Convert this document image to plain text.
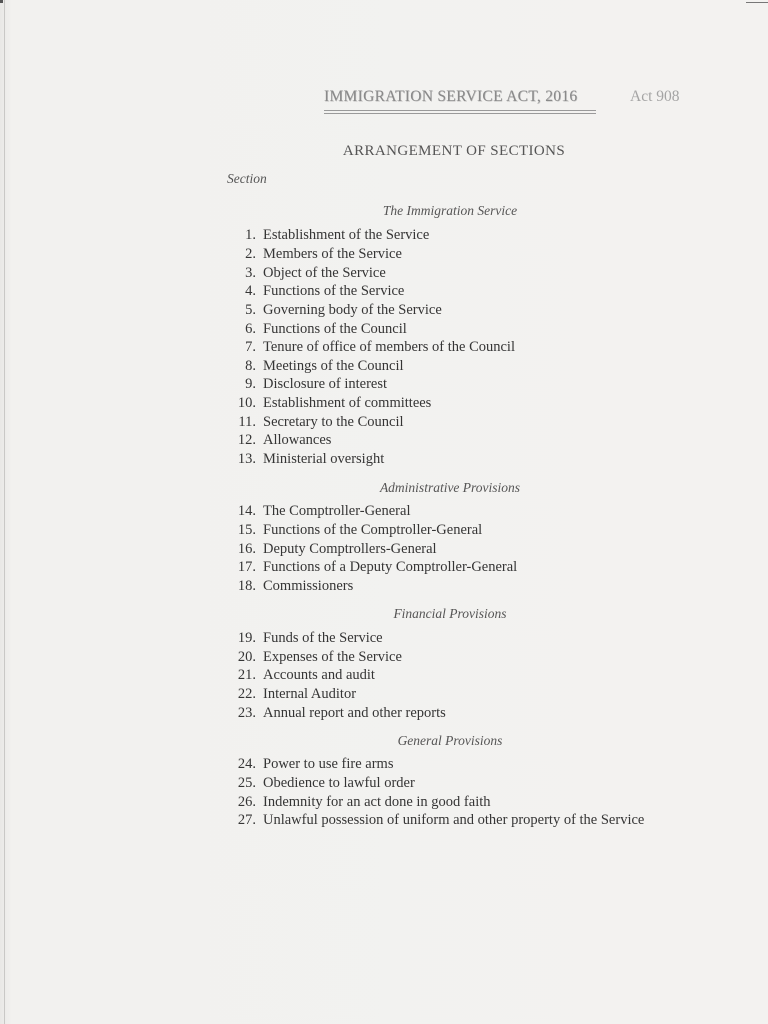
IMMIGRATION SERVICE ACT, 2016	Act 908
ARRANGEMENT OF SECTIONS
Section
The Immigration Service
1. Establishment of the Service
2. Members of the Service
3. Object of the Service
4. Functions of the Service
5. Governing body of the Service
6. Functions of the Council
7. Tenure of office of members of the Council
8. Meetings of the Council
9. Disclosure of interest
10. Establishment of committees
11. Secretary to the Council
12. Allowances
13. Ministerial oversight
Administrative Provisions
14. The Comptroller-General
15. Functions of the Comptroller-General
16. Deputy Comptrollers-General
17. Functions of a Deputy Comptroller-General
18. Commissioners
Financial Provisions
19. Funds of the Service
20. Expenses of the Service
21. Accounts and audit
22. Internal Auditor
23. Annual report and other reports
General Provisions
24. Power to use fire arms
25. Obedience to lawful order
26. Indemnity for an act done in good faith
27. Unlawful possession of uniform and other property of the Service
